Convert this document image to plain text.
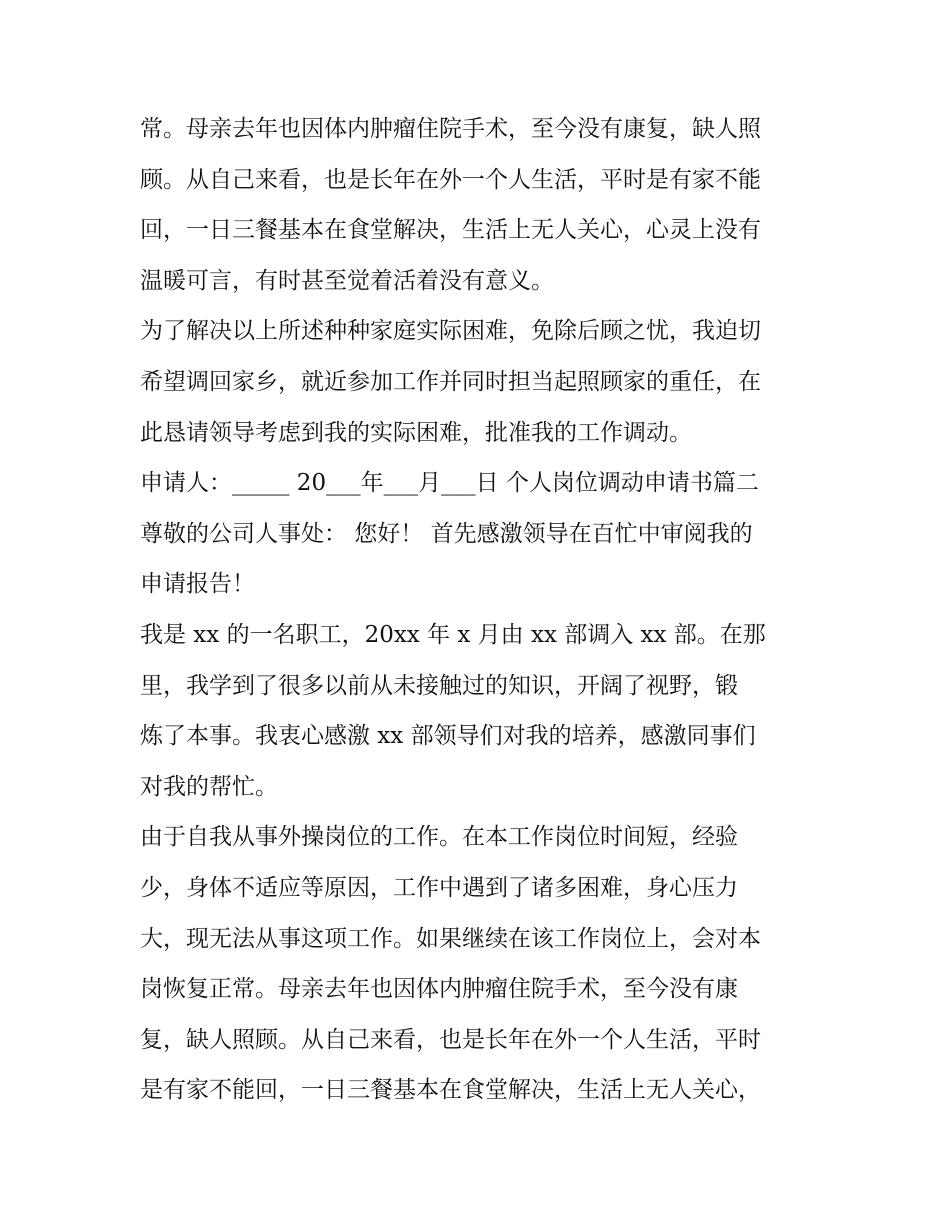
常。母亲去年也因体内肿瘤住院手术，至今没有康复，缺人照
顾。从自己来看，也是长年在外一个人生活，平时是有家不能
回，一日三餐基本在食堂解决，生活上无人关心，心灵上没有
温暖可言，有时甚至觉着活着没有意义。
为了解决以上所述种种家庭实际困难，免除后顾之忧，我迫切
希望调回家乡，就近参加工作并同时担当起照顾家的重任，在
此恳请领导考虑到我的实际困难，批准我的工作调动。
申请人：_____ 20___年___月___日 个人岗位调动申请书篇二
尊敬的公司人事处： 您好！ 首先感激领导在百忙中审阅我的
申请报告！
我是 xx 的一名职工，20xx 年 x 月由 xx 部调入 xx 部。在那
里，我学到了很多以前从未接触过的知识，开阔了视野，锻
炼了本事。我衷心感激 xx 部领导们对我的培养，感激同事们
对我的帮忙。
由于自我从事外操岗位的工作。在本工作岗位时间短，经验
少，身体不适应等原因，工作中遇到了诸多困难，身心压力
大，现无法从事这项工作。如果继续在该工作岗位上，会对本
岗恢复正常。母亲去年也因体内肿瘤住院手术，至今没有康
复，缺人照顾。从自己来看，也是长年在外一个人生活，平时
是有家不能回，一日三餐基本在食堂解决，生活上无人关心，
